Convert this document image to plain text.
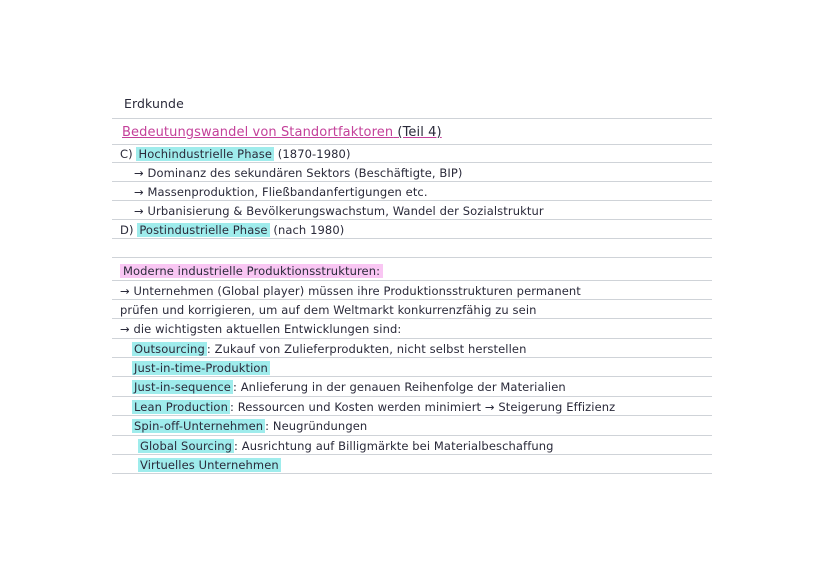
Erdkunde
Bedeutungswandel von Standortfaktoren (Teil 4)
C) Hochindustrielle Phase (1870-1980)
→ Dominanz des sekundären Sektors (Beschäftigte, BIP)
→ Massenproduktion, Fließbandanfertigungen etc.
→ Urbanisierung & Bevölkerungswachstum, Wandel der Sozialstruktur
D) Postindustrielle Phase (nach 1980)
Moderne industrielle Produktionsstrukturen:
→ Unternehmen (Global player) müssen ihre Produktionsstrukturen permanent
prüfen und korrigieren, um auf dem Weltmarkt konkurrenzfähig zu sein
→ die wichtigsten aktuellen Entwicklungen sind:
Outsourcing : Zukauf von Zulieferprodukten, nicht selbst herstellen
Just-in-time-Produktion
Just-in-sequence : Anlieferung in der genauen Reihenfolge der Materialien
Lean Production : Ressourcen und Kosten werden minimiert → Steigerung Effizienz
Spin-off-Unternehmen : Neugründungen
Global Sourcing : Ausrichtung auf Billigmärkte bei Materialbeschaffung
Virtuelles Unternehmen
